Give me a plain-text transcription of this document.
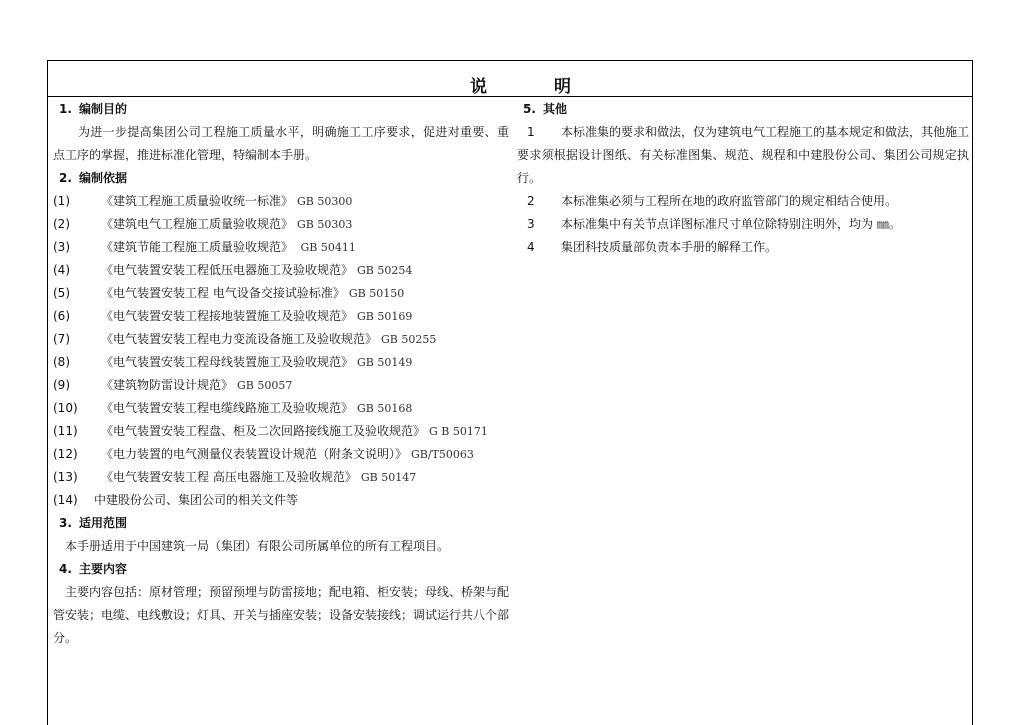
说	明
1. 编制目的
为进一步提高集团公司工程施工质量水平，明确施工工序要求，促进对重要、重点工序的掌握，推进标准化管理，特编制本手册。
2. 编制依据
(1)	《建筑工程施工质量验收统一标准》 GB 50300
(2)	《建筑电气工程施工质量验收规范》 GB 50303
(3)	《建筑节能工程施工质量验收规范》 GB 50411
(4)	《电气装置安装工程低压电器施工及验收规范》 GB 50254
(5)	《电气装置安装工程 电气设备交接试验标准》 GB 50150
(6)	《电气装置安装工程接地装置施工及验收规范》 GB 50169
(7)	《电气装置安装工程电力变流设备施工及验收规范》 GB 50255
(8)	《电气装置安装工程母线装置施工及验收规范》 GB 50149
(9)	《建筑物防雷设计规范》 GB 50057
(10) 《电气装置安装工程电缆线路施工及验收规范》 GB 50168
(11) 《电气装置安装工程盘、柜及二次回路接线施工及验收规范》 G B 50171
(12) 《电力装置的电气测量仪表装置设计规范（附条文说明）》 GB/T50063
(13) 《电气装置安装工程 高压电器施工及验收规范》 GB 50147
(14) 中建股份公司、集团公司的相关文件等
3. 适用范围
本手册适用于中国建筑一局（集团）有限公司所属单位的所有工程项目。
4. 主要内容
主要内容包括：原材管理；预留预埋与防雷接地；配电箱、柜安装；母线、桥架与配管安装；电缆、电线敷设；灯具、开关与插座安装；设备安装接线；调试运行共八个部分。
5. 其他
1	本标准集的要求和做法，仅为建筑电气工程施工的基本规定和做法，其他施工要求须根据设计图纸、有关标准图集、规范、规程和中建股份公司、集团公司规定执行。
2	本标准集必须与工程所在地的政府监管部门的规定相结合使用。
3	本标准集中有关节点详图标准尺寸单位除特别注明外，均为 ㎜。
4	集团科技质量部负责本手册的解释工作。
